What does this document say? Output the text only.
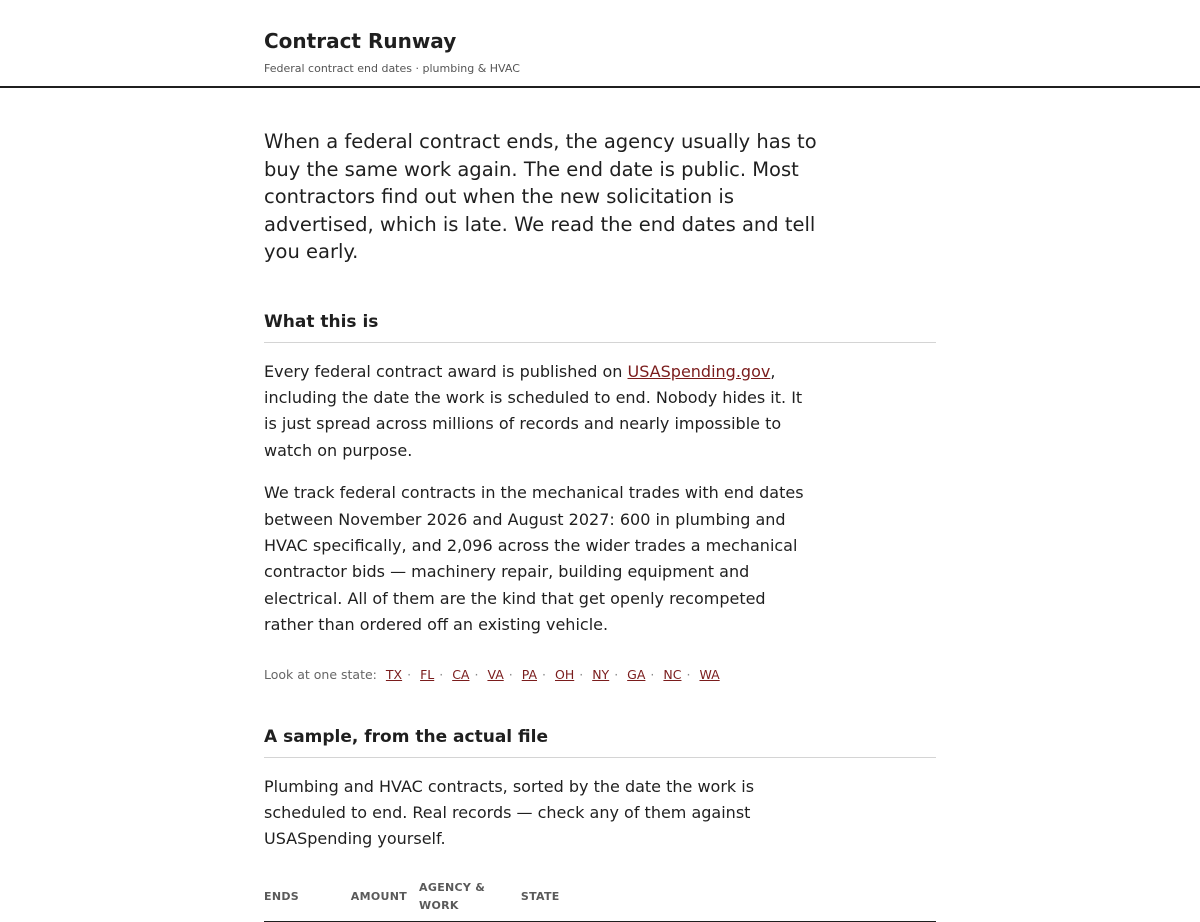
Contract Runway
Federal contract end dates · plumbing & HVAC

When a federal contract ends, the agency usually has to buy the same work again. The end date is public. Most contractors find out when the new solicitation is advertised, which is late. We read the end dates and tell you early.

What this is

Every federal contract award is published on USASpending.gov, including the date the work is scheduled to end. Nobody hides it. It is just spread across millions of records and nearly impossible to watch on purpose.

We track federal contracts in the mechanical trades with end dates between November 2026 and August 2027: 600 in plumbing and HVAC specifically, and 2,096 across the wider trades a mechanical contractor bids — machinery repair, building equipment and electrical. All of them are the kind that get openly recompeted rather than ordered off an existing vehicle.

Look at one state: TX · FL · CA · VA · PA · OH · NY · GA · NC · WA
A sample, from the actual file

Plumbing and HVAC contracts, sorted by the date the work is scheduled to end. Real records — check any of them against USASpending yourself.

ENDS	AMOUNT	AGENCY & WORK	STATE
